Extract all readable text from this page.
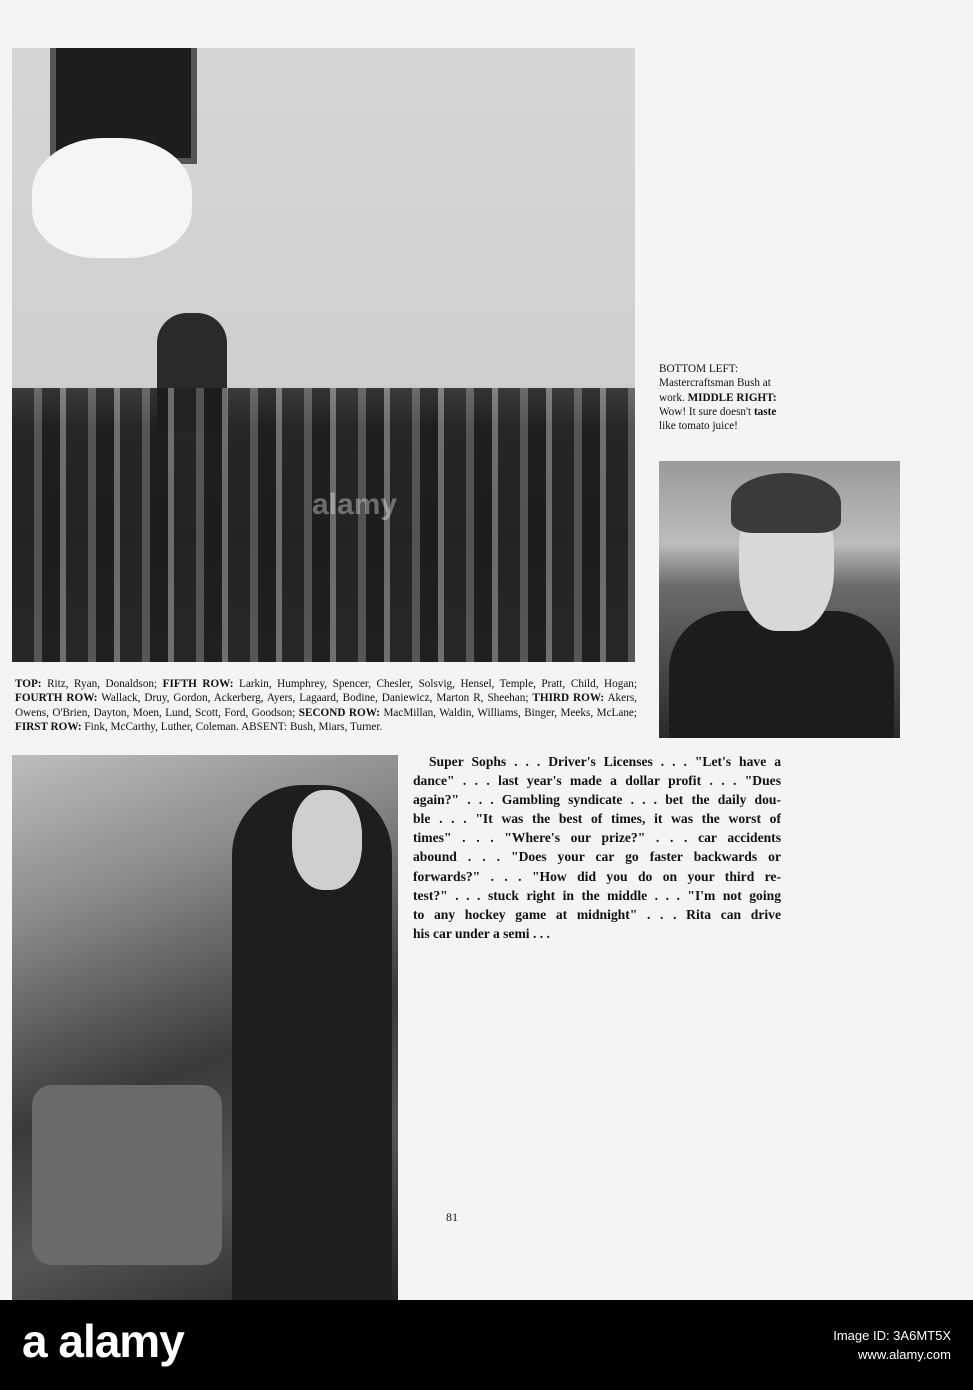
alamy
BOTTOM LEFT: Mastercraftsman Bush at work. MIDDLE RIGHT: Wow! It sure doesn't taste like tomato juice!
TOP: Ritz, Ryan, Donaldson; FIFTH ROW: Larkin, Humphrey, Spencer, Chesler, Solsvig, Hensel, Temple, Pratt, Child, Hogan; FOURTH ROW: Wallack, Druy, Gordon, Ackerberg, Ayers, Lagaard, Bodine, Daniewicz, Marton R, Sheehan; THIRD ROW: Akers, Owens, O'Brien, Dayton, Moen, Lund, Scott, Ford, Goodson; SECOND ROW: MacMillan, Waldin, Williams, Binger, Meeks, McLane; FIRST ROW: Fink, McCarthy, Luther, Coleman. ABSENT: Bush, Miars, Turner.
Super Sophs . . . Driver's Licenses . . . "Let's have a
dance" . . . last year's made a dollar profit . . . "Dues
again?" . . . Gambling syndicate . . . bet the daily dou-
ble . . . "It was the best of times, it was the worst of
times" . . . "Where's our prize?" . . . car accidents
abound . . . "Does your car go faster backwards or
forwards?" . . . "How did you do on your third re-
test?" . . . stuck right in the middle . . . "I'm not going
to any hockey game at midnight" . . . Rita can drive
his car under a semi . . .
81
a alamy	Image ID: 3A6MT5X
www.alamy.com
